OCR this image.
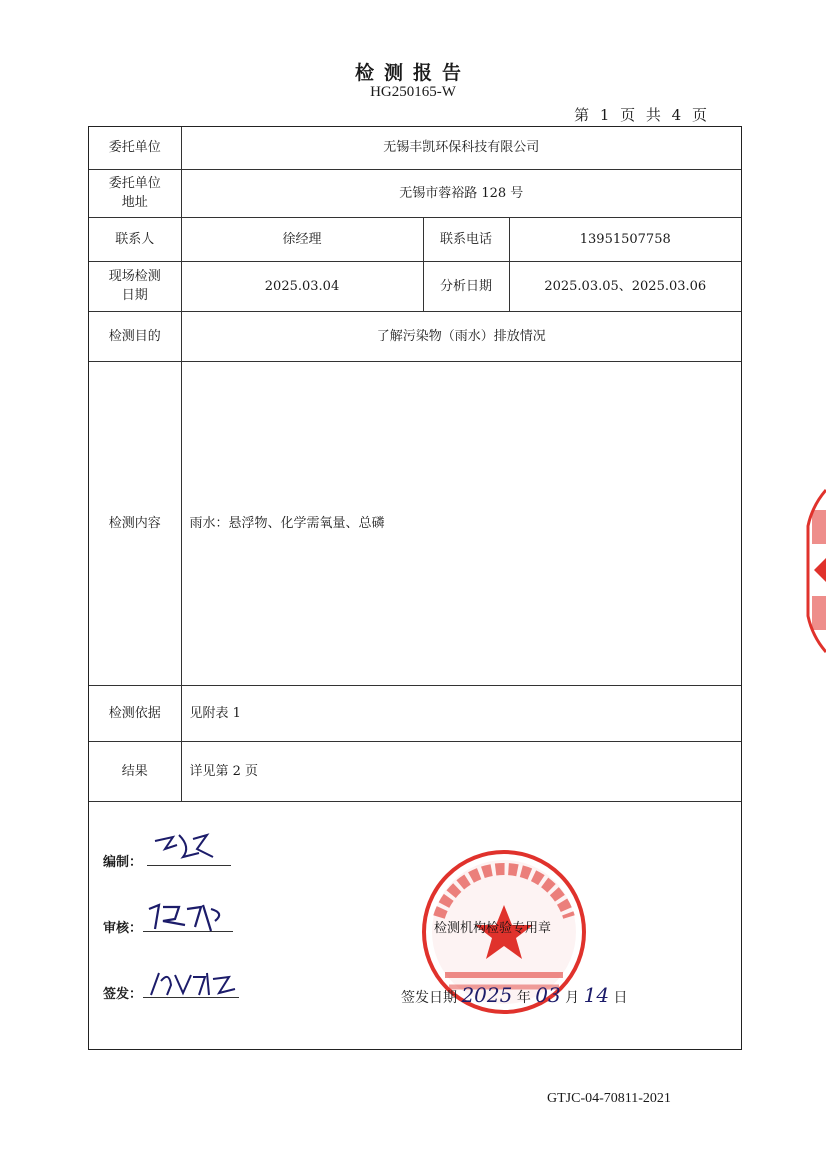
检测报告
HG250165-W
第 1 页 共 4 页
委托单位	无锡丰凯环保科技有限公司		
委托单位地址	无锡市蓉裕路 128 号		
联系人	徐经理	联系电话	13951507758
现场检测日期	2025.03.04	分析日期	2025.03.05、2025.03.06
检测目的	了解污染物（雨水）排放情况		
检测内容	雨水：悬浮物、化学需氧量、总磷		
检测依据	见附表 1		
结果	详见第 2 页		
编制：
审核：
签发：
检测机构检验专用章
签发日期 2025 年 03 月 14 日
GTJC-04-70811-2021
